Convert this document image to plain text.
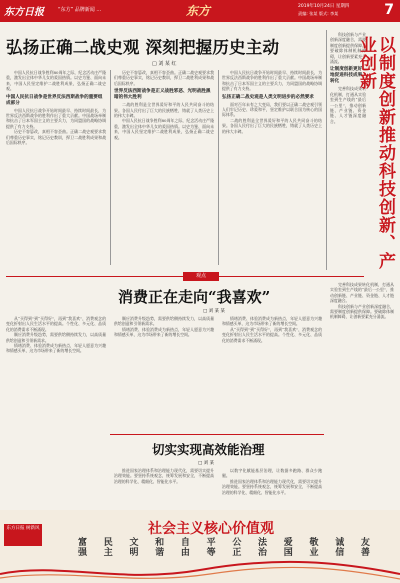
东方日报	“东方” 品牌新闻 ...	东方	2019年10月24日 星期四
责编: 张某 版式: 李某	7
弘扬正确二战史观 深刻把握历史主动
□ 刘 某 红

中国人民抗日战争胜利80周年之际，纪念活动庄严隆重，激发出全体中华儿女的爱国热情。以史为鉴、面向未来，中国人民坚定维护二战胜利成果，弘扬正确二战史观。

中国人民抗日战争是世界反法西斯战争的重要组成部分

中国人民抗日战争开始时间最早、持续时间最长，为世界反法西斯战争的胜利作出了重大贡献。中国战场牵制和抗击了日本军国主义的主要兵力，为同盟国的战略协调提供了有力支持。

历史不容篡改，真相不容歪曲。正确二战史观要求我们尊重历史事实，铭记历史教训，捍卫二战胜利成果和战后国际秩序。

历史不容篡改，真相不容歪曲。正确二战史观要求我们尊重历史事实，铭记历史教训，捍卫二战胜利成果和战后国际秩序。

世界反法西斯战争是正义战胜邪恶、光明战胜黑暗的伟大胜利

二战的胜利是全世界爱好和平的人民共同奋斗的结果。各国人民付出了巨大的民族牺牲，铸就了人类历史上的伟大丰碑。

中国人民抗日战争胜利80周年之际，纪念活动庄严隆重，激发出全体中华儿女的爱国热情。以史为鉴、面向未来，中国人民坚定维护二战胜利成果，弘扬正确二战史观。

中国人民抗日战争开始时间最早、持续时间最长，为世界反法西斯战争的胜利作出了重大贡献。中国战场牵制和抗击了日本军国主义的主要兵力，为同盟国的战略协调提供了有力支持。

弘扬正确二战史观是人类文明进步的必然要求

面对百年未有之大变局，我们要以正确二战史观引领人们牢记历史、珍爱和平，坚定维护以联合国为核心的国际体系。

二战的胜利是全世界爱好和平的人民共同奋斗的结果。各国人民付出了巨大的民族牺牲，铸就了人类历史上的伟大丰碑。

科技创新与产业创新深度融合，需要制度创新提供保障。要破除体制机制障碍，让创新要素充分涌流。

让制度创新更好地促进科技成果转化

完善科技成果转化机制，打通从实验室到生产线的“最后一公里”，推动创新链、产业链、资金链、人才链深度融合。	以制度创新推动科技创新、产业创新

完善科技成果转化机制，打通从实验室到生产线的“最后一公里”，推动创新链、产业链、资金链、人才链深度融合。

科技创新与产业创新深度融合，需要制度创新提供保障。要破除体制机制障碍，让创新要素充分涌流。

观点
消费正在走向“我喜欢”
□ 刘 某 某

从“买得到”到“买得好”，再到“我喜欢”，消费观念的变化折射出人民生活水平的提高。个性化、多元化、品质化的消费需求不断涌现。

顺应消费升级趋势，需要供给侧持续发力，以高质量供给创造和引领新需求。

情绪消费、体验消费成为新热点，年轻人愿意为兴趣和情感买单，这为市场带来了新的增长空间。

顺应消费升级趋势，需要供给侧持续发力，以高质量供给创造和引领新需求。

情绪消费、体验消费成为新热点，年轻人愿意为兴趣和情感买单，这为市场带来了新的增长空间。

情绪消费、体验消费成为新热点，年轻人愿意为兴趣和情感买单，这为市场带来了新的增长空间。

从“买得到”到“买得好”，再到“我喜欢”，消费观念的变化折射出人民生活水平的提高。个性化、多元化、品质化的消费需求不断涌现。

切实实现高效能治理
□ 刘 某

推进国家治理体系和治理能力现代化，需要切实提升治理效能。要坚持系统观念，统筹发展和安全，不断提高治理的科学化、精细化、智能化水平。

以数字化赋能基层治理，让数据多跑路、群众少跑腿。

推进国家治理体系和治理能力现代化，需要切实提升治理效能。要坚持系统观念，统筹发展和安全，不断提高治理的科学化、精细化、智能化水平。

东方日报 树新风	社会主义核心价值观
富
强
民
主
文
明
和
谐
自
由
平
等
公
正
法
治
爱
国
敬
业
诚
信
友
善
